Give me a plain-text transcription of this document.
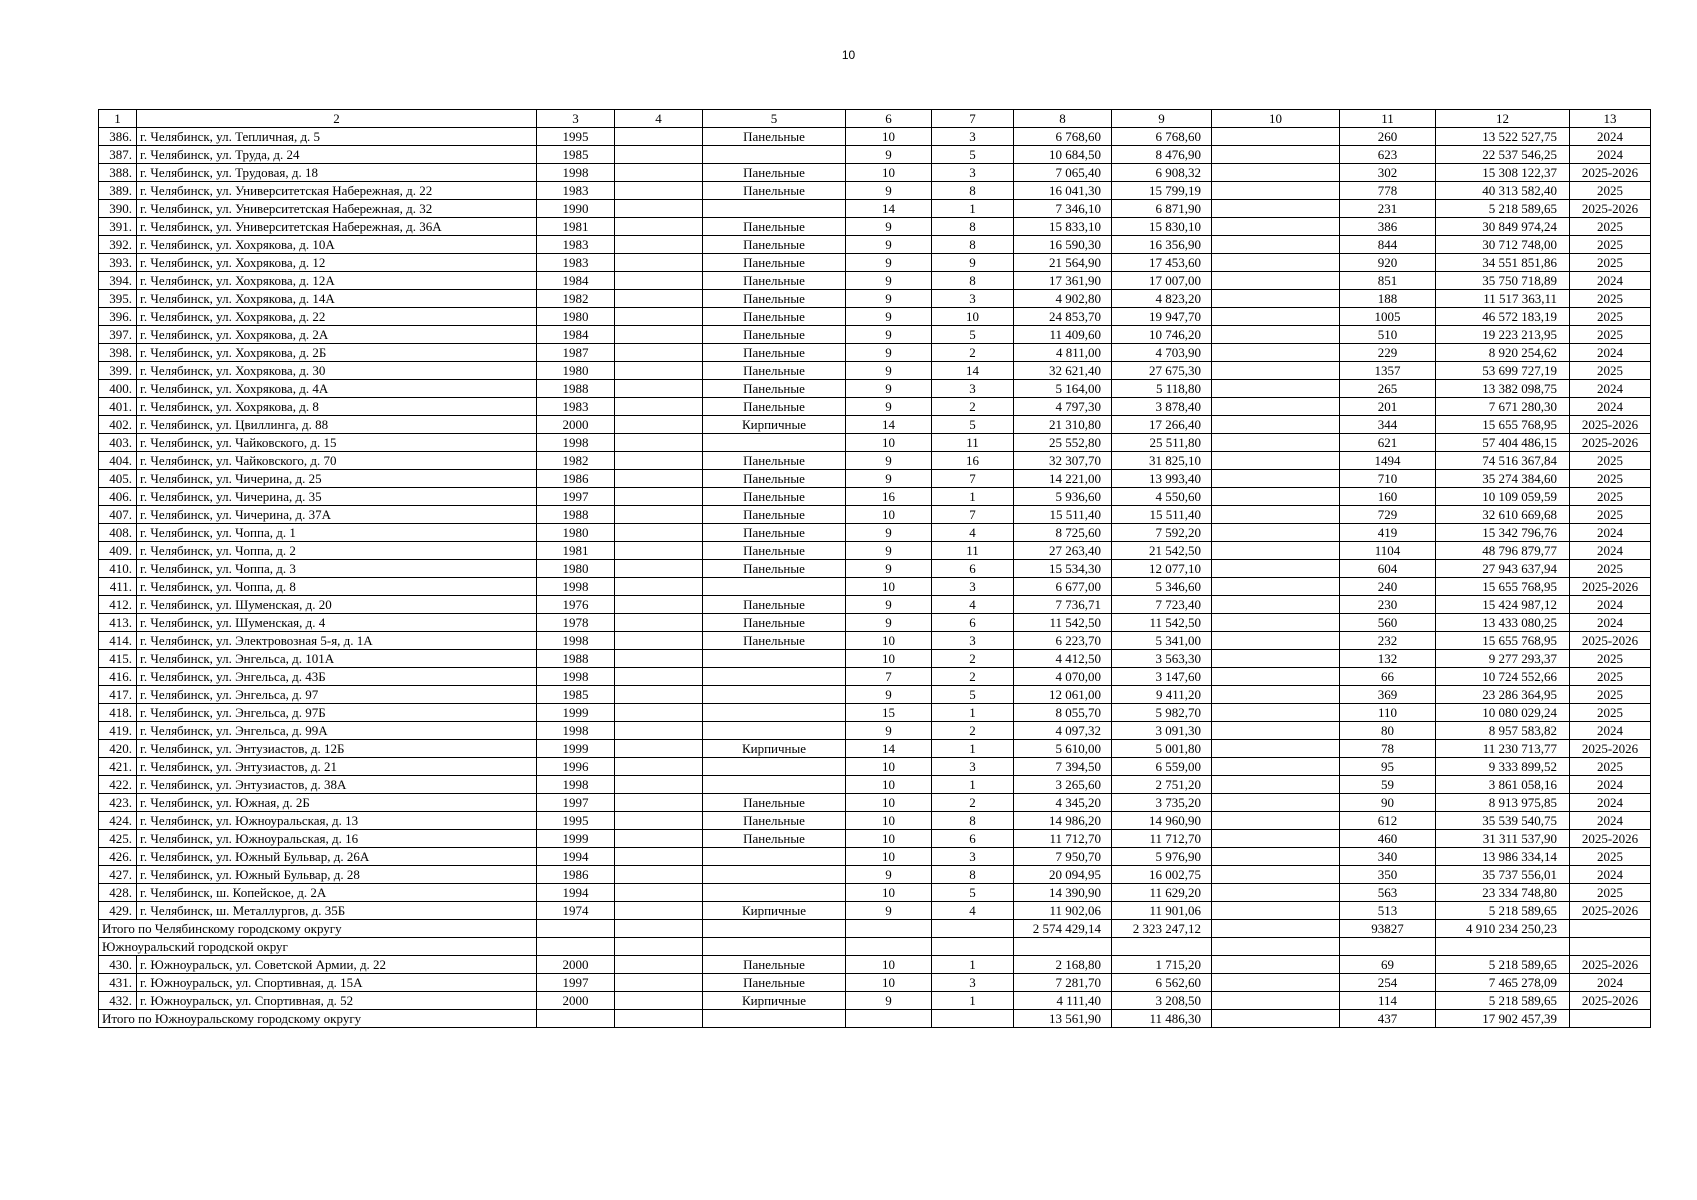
10
1	2	3	4	5	6	7	8	9	10	11	12	13
386.	г. Челябинск, ул. Тепличная, д. 5	1995		Панельные	10	3	6 768,60	6 768,60		260	13 522 527,75	2024
387.	г. Челябинск, ул. Труда, д. 24	1985			9	5	10 684,50	8 476,90		623	22 537 546,25	2024
388.	г. Челябинск, ул. Трудовая, д. 18	1998		Панельные	10	3	7 065,40	6 908,32		302	15 308 122,37	2025-2026
389.	г. Челябинск, ул. Университетская Набережная, д. 22	1983		Панельные	9	8	16 041,30	15 799,19		778	40 313 582,40	2025
390.	г. Челябинск, ул. Университетская Набережная, д. 32	1990			14	1	7 346,10	6 871,90		231	5 218 589,65	2025-2026
391.	г. Челябинск, ул. Университетская Набережная, д. 36А	1981		Панельные	9	8	15 833,10	15 830,10		386	30 849 974,24	2025
392.	г. Челябинск, ул. Хохрякова, д. 10А	1983		Панельные	9	8	16 590,30	16 356,90		844	30 712 748,00	2025
393.	г. Челябинск, ул. Хохрякова, д. 12	1983		Панельные	9	9	21 564,90	17 453,60		920	34 551 851,86	2025
394.	г. Челябинск, ул. Хохрякова, д. 12А	1984		Панельные	9	8	17 361,90	17 007,00		851	35 750 718,89	2024
395.	г. Челябинск, ул. Хохрякова, д. 14А	1982		Панельные	9	3	4 902,80	4 823,20		188	11 517 363,11	2025
396.	г. Челябинск, ул. Хохрякова, д. 22	1980		Панельные	9	10	24 853,70	19 947,70		1005	46 572 183,19	2025
397.	г. Челябинск, ул. Хохрякова, д. 2А	1984		Панельные	9	5	11 409,60	10 746,20		510	19 223 213,95	2025
398.	г. Челябинск, ул. Хохрякова, д. 2Б	1987		Панельные	9	2	4 811,00	4 703,90		229	8 920 254,62	2024
399.	г. Челябинск, ул. Хохрякова, д. 30	1980		Панельные	9	14	32 621,40	27 675,30		1357	53 699 727,19	2025
400.	г. Челябинск, ул. Хохрякова, д. 4А	1988		Панельные	9	3	5 164,00	5 118,80		265	13 382 098,75	2024
401.	г. Челябинск, ул. Хохрякова, д. 8	1983		Панельные	9	2	4 797,30	3 878,40		201	7 671 280,30	2024
402.	г. Челябинск, ул. Цвиллинга, д. 88	2000		Кирпичные	14	5	21 310,80	17 266,40		344	15 655 768,95	2025-2026
403.	г. Челябинск, ул. Чайковского, д. 15	1998			10	11	25 552,80	25 511,80		621	57 404 486,15	2025-2026
404.	г. Челябинск, ул. Чайковского, д. 70	1982		Панельные	9	16	32 307,70	31 825,10		1494	74 516 367,84	2025
405.	г. Челябинск, ул. Чичерина, д. 25	1986		Панельные	9	7	14 221,00	13 993,40		710	35 274 384,60	2025
406.	г. Челябинск, ул. Чичерина, д. 35	1997		Панельные	16	1	5 936,60	4 550,60		160	10 109 059,59	2025
407.	г. Челябинск, ул. Чичерина, д. 37А	1988		Панельные	10	7	15 511,40	15 511,40		729	32 610 669,68	2025
408.	г. Челябинск, ул. Чоппа, д. 1	1980		Панельные	9	4	8 725,60	7 592,20		419	15 342 796,76	2024
409.	г. Челябинск, ул. Чоппа, д. 2	1981		Панельные	9	11	27 263,40	21 542,50		1104	48 796 879,77	2024
410.	г. Челябинск, ул. Чоппа, д. 3	1980		Панельные	9	6	15 534,30	12 077,10		604	27 943 637,94	2025
411.	г. Челябинск, ул. Чоппа, д. 8	1998			10	3	6 677,00	5 346,60		240	15 655 768,95	2025-2026
412.	г. Челябинск, ул. Шуменская, д. 20	1976		Панельные	9	4	7 736,71	7 723,40		230	15 424 987,12	2024
413.	г. Челябинск, ул. Шуменская, д. 4	1978		Панельные	9	6	11 542,50	11 542,50		560	13 433 080,25	2024
414.	г. Челябинск, ул. Электровозная 5-я, д. 1А	1998		Панельные	10	3	6 223,70	5 341,00		232	15 655 768,95	2025-2026
415.	г. Челябинск, ул. Энгельса, д. 101А	1988			10	2	4 412,50	3 563,30		132	9 277 293,37	2025
416.	г. Челябинск, ул. Энгельса, д. 43Б	1998			7	2	4 070,00	3 147,60		66	10 724 552,66	2025
417.	г. Челябинск, ул. Энгельса, д. 97	1985			9	5	12 061,00	9 411,20		369	23 286 364,95	2025
418.	г. Челябинск, ул. Энгельса, д. 97Б	1999			15	1	8 055,70	5 982,70		110	10 080 029,24	2025
419.	г. Челябинск, ул. Энгельса, д. 99А	1998			9	2	4 097,32	3 091,30		80	8 957 583,82	2024
420.	г. Челябинск, ул. Энтузиастов, д. 12Б	1999		Кирпичные	14	1	5 610,00	5 001,80		78	11 230 713,77	2025-2026
421.	г. Челябинск, ул. Энтузиастов, д. 21	1996			10	3	7 394,50	6 559,00		95	9 333 899,52	2025
422.	г. Челябинск, ул. Энтузиастов, д. 38А	1998			10	1	3 265,60	2 751,20		59	3 861 058,16	2024
423.	г. Челябинск, ул. Южная, д. 2Б	1997		Панельные	10	2	4 345,20	3 735,20		90	8 913 975,85	2024
424.	г. Челябинск, ул. Южноуральская, д. 13	1995		Панельные	10	8	14 986,20	14 960,90		612	35 539 540,75	2024
425.	г. Челябинск, ул. Южноуральская, д. 16	1999		Панельные	10	6	11 712,70	11 712,70		460	31 311 537,90	2025-2026
426.	г. Челябинск, ул. Южный Бульвар, д. 26А	1994			10	3	7 950,70	5 976,90		340	13 986 334,14	2025
427.	г. Челябинск, ул. Южный Бульвар, д. 28	1986			9	8	20 094,95	16 002,75		350	35 737 556,01	2024
428.	г. Челябинск, ш. Копейское, д. 2А	1994			10	5	14 390,90	11 629,20		563	23 334 748,80	2025
429.	г. Челябинск, ш. Металлургов, д. 35Б	1974		Кирпичные	9	4	11 902,06	11 901,06		513	5 218 589,65	2025-2026
Итого по Челябинскому городскому округу							2 574 429,14	2 323 247,12		93827	4 910 234 250,23	
Южноуральский городской округ												
430.	г. Южноуральск, ул. Советской Армии, д. 22	2000		Панельные	10	1	2 168,80	1 715,20		69	5 218 589,65	2025-2026
431.	г. Южноуральск, ул. Спортивная, д. 15А	1997		Панельные	10	3	7 281,70	6 562,60		254	7 465 278,09	2024
432.	г. Южноуральск, ул. Спортивная, д. 52	2000		Кирпичные	9	1	4 111,40	3 208,50		114	5 218 589,65	2025-2026
Итого по Южноуральскому городскому округу							13 561,90	11 486,30		437	17 902 457,39	
